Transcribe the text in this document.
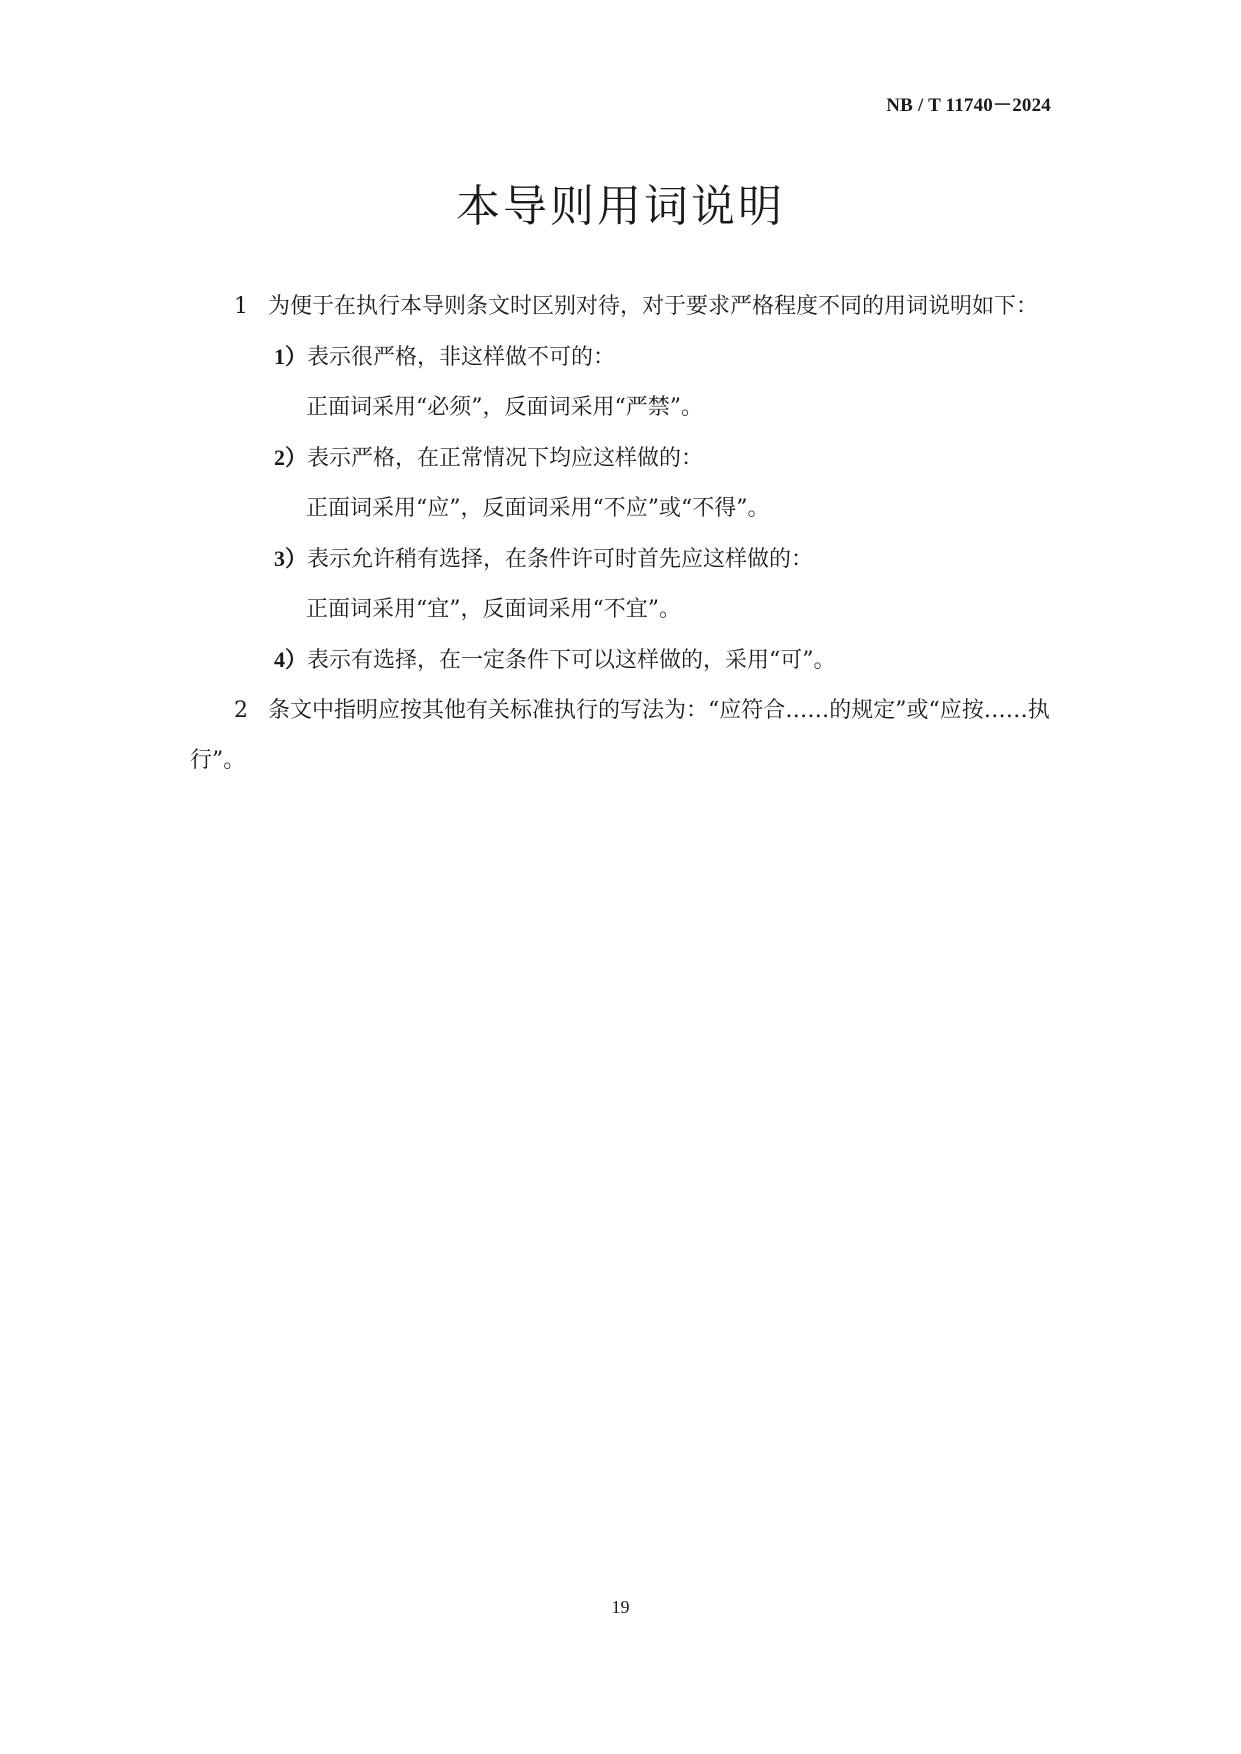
NB / T 11740－2024
本导则用词说明

1 为便于在执行本导则条文时区别对待，对于要求严格程度不同的用词说明如下：

1）表示很严格，非这样做不可的：

正面词采用“必须”，反面词采用“严禁”。

2）表示严格，在正常情况下均应这样做的：

正面词采用“应”，反面词采用“不应”或“不得”。

3）表示允许稍有选择，在条件许可时首先应这样做的：

正面词采用“宜”，反面词采用“不宜”。

4）表示有选择，在一定条件下可以这样做的，采用“可”。

2 条文中指明应按其他有关标准执行的写法为：“应符合……的规定”或“应按……执行”。

19
